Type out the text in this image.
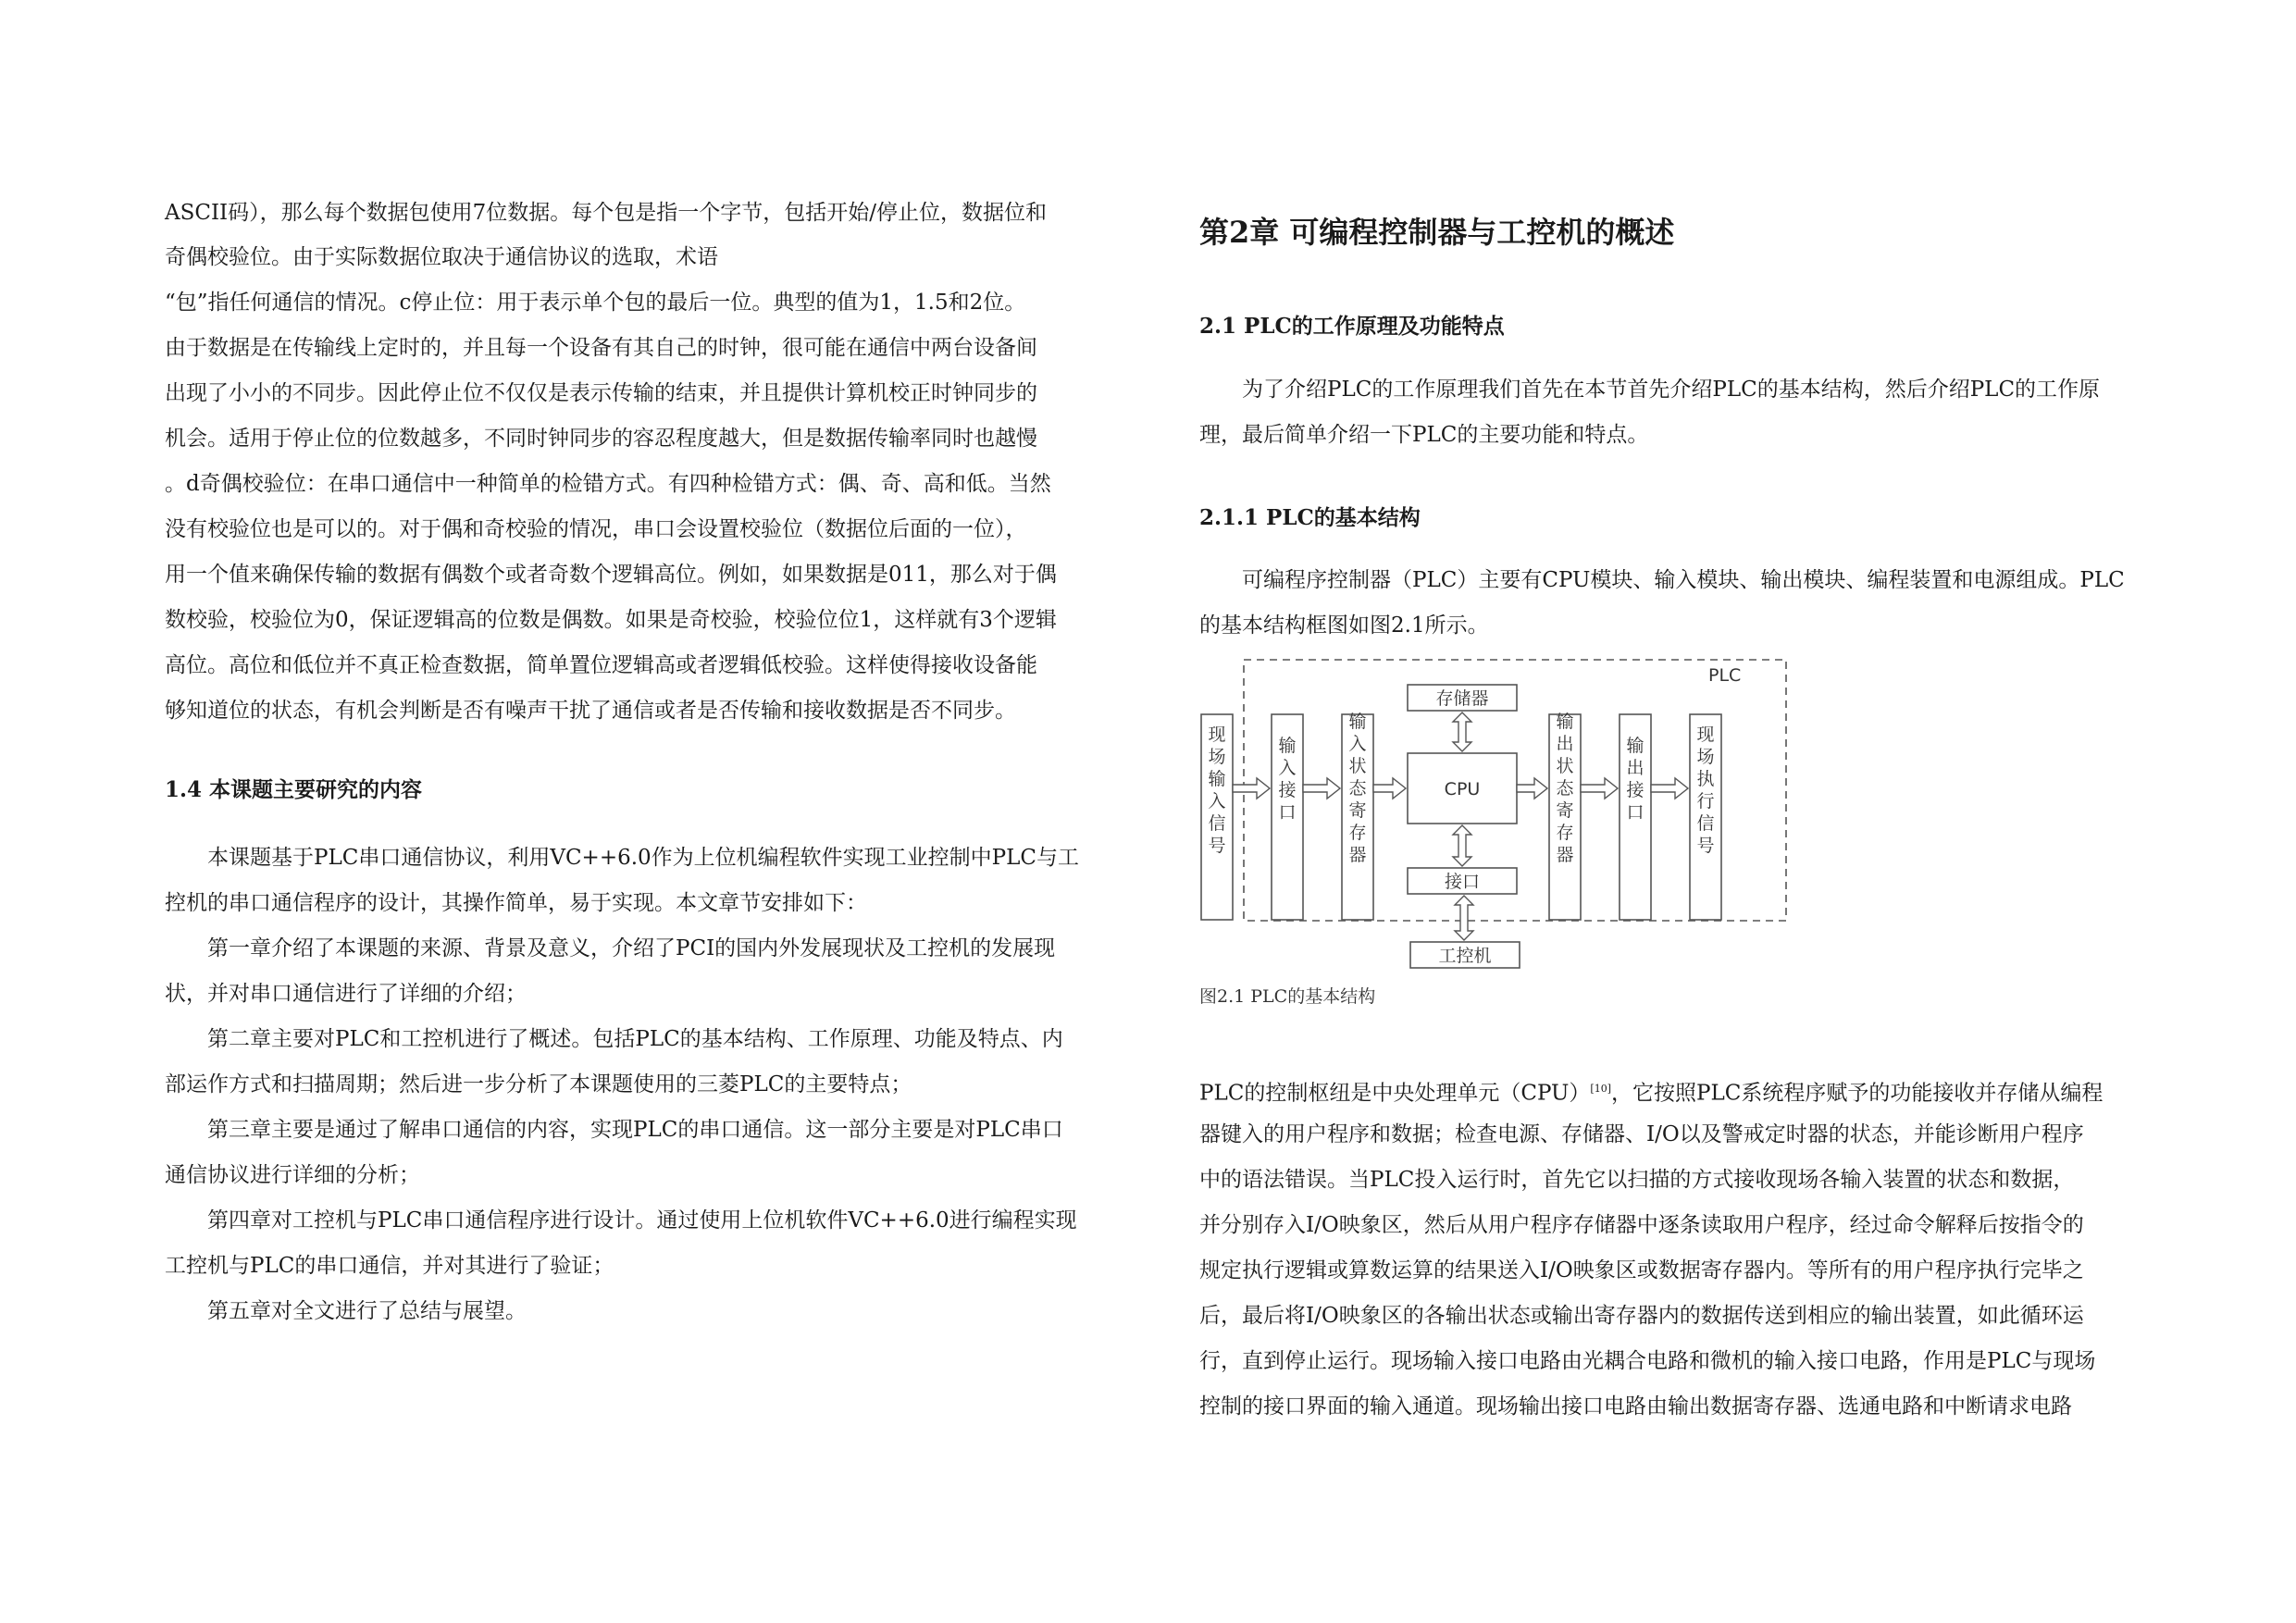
ASCII码），那么每个数据包使用7位数据。每个包是指一个字节，包括开始/停止位，数据位和
奇偶校验位。由于实际数据位取决于通信协议的选取，术语
“包”指任何通信的情况。c停止位：用于表示单个包的最后一位。典型的值为1，1.5和2位。
由于数据是在传输线上定时的，并且每一个设备有其自己的时钟，很可能在通信中两台设备间
出现了小小的不同步。因此停止位不仅仅是表示传输的结束，并且提供计算机校正时钟同步的
机会。适用于停止位的位数越多，不同时钟同步的容忍程度越大，但是数据传输率同时也越慢
。d奇偶校验位：在串口通信中一种简单的检错方式。有四种检错方式：偶、奇、高和低。当然
没有校验位也是可以的。对于偶和奇校验的情况，串口会设置校验位（数据位后面的一位），
用一个值来确保传输的数据有偶数个或者奇数个逻辑高位。例如，如果数据是011，那么对于偶
数校验，校验位为0，保证逻辑高的位数是偶数。如果是奇校验，校验位位1，这样就有3个逻辑
高位。高位和低位并不真正检查数据，简单置位逻辑高或者逻辑低校验。这样使得接收设备能
够知道位的状态，有机会判断是否有噪声干扰了通信或者是否传输和接收数据是否不同步。
1.4 本课题主要研究的内容
　　本课题基于PLC串口通信协议，利用VC++6.0作为上位机编程软件实现工业控制中PLC与工
控机的串口通信程序的设计，其操作简单，易于实现。本文章节安排如下：
　　第一章介绍了本课题的来源、背景及意义，介绍了PCI的国内外发展现状及工控机的发展现
状，并对串口通信进行了详细的介绍；
　　第二章主要对PLC和工控机进行了概述。包括PLC的基本结构、工作原理、功能及特点、内
部运作方式和扫描周期；然后进一步分析了本课题使用的三菱PLC的主要特点；
　　第三章主要是通过了解串口通信的内容，实现PLC的串口通信。这一部分主要是对PLC串口
通信协议进行详细的分析；
　　第四章对工控机与PLC串口通信程序进行设计。通过使用上位机软件VC++6.0进行编程实现
工控机与PLC的串口通信，并对其进行了验证；
　　第五章对全文进行了总结与展望。
第2章 可编程控制器与工控机的概述
2.1 PLC的工作原理及功能特点
　　为了介绍PLC的工作原理我们首先在本节首先介绍PLC的基本结构，然后介绍PLC的工作原
理，最后简单介绍一下PLC的主要功能和特点。
2.1.1 PLC的基本结构
　　可编程序控制器（PLC）主要有CPU模块、输入模块、输出模块、编程装置和电源组成。PLC
的基本结构框图如图2.1所示。
PLC的控制枢纽是中央处理单元（CPU）[10]，它按照PLC系统程序赋予的功能接收并存储从编程
器键入的用户程序和数据；检查电源、存储器、I/O以及警戒定时器的状态，并能诊断用户程序
中的语法错误。当PLC投入运行时，首先它以扫描的方式接收现场各输入装置的状态和数据，
并分别存入I/O映象区，然后从用户程序存储器中逐条读取用户程序，经过命令解释后按指令的
规定执行逻辑或算数运算的结果送入I/O映象区或数据寄存器内。等所有的用户程序执行完毕之
后，最后将I/O映象区的各输出状态或输出寄存器内的数据传送到相应的输出装置，如此循环运
行，直到停止运行。现场输入接口电路由光耦合电路和微机的输入接口电路，作用是PLC与现场
控制的接口界面的输入通道。现场输出接口电路由输出数据寄存器、选通电路和中断请求电路
PLC
现场输入信号
输入接口
输入状态寄存器
存储器
CPU
接口
输出状态寄存器
输出接口
现场执行信号
工控机
图2.1 PLC的基本结构
